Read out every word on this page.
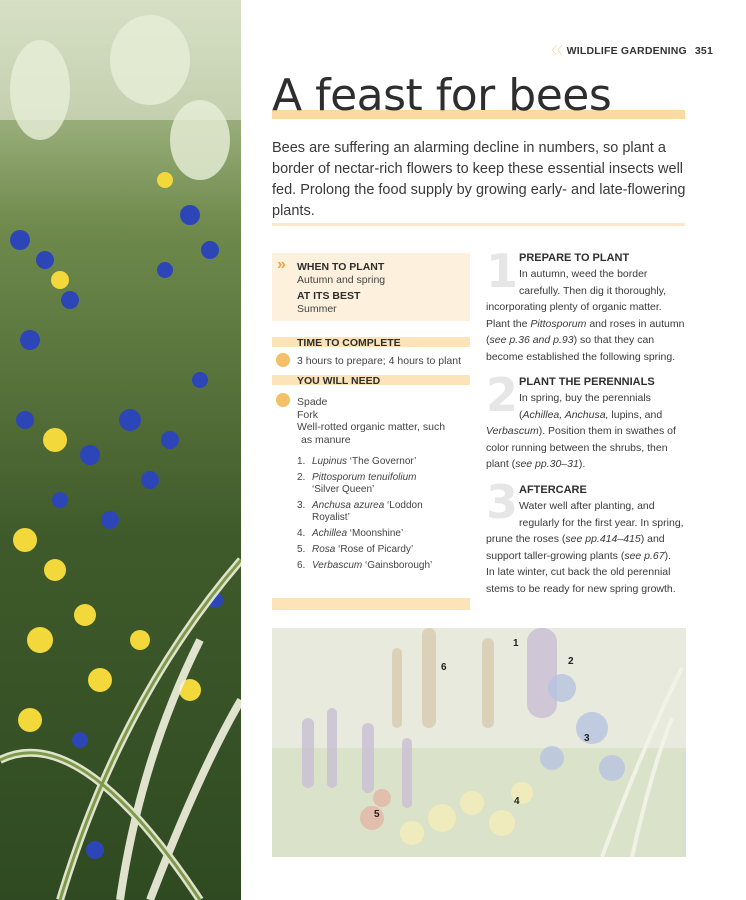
〈〈 WILDLIFE GARDENING 351
A feast for bees
Bees are suffering an alarming decline in numbers, so plant a border of nectar-rich flowers to keep these essential insects well fed. Prolong the food supply by growing early- and late-flowering plants.
» WHEN TO PLANT
Autumn and spring
AT ITS BEST
Summer
TIME TO COMPLETE
3 hours to prepare; 4 hours to plant
YOU WILL NEED
Spade
Fork
Well-rotted organic matter, such
as manure
1. Lupinus ‘The Governor’
2. Pittosporum tenuifolium ‘Silver Queen’
3. Anchusa azurea ‘Loddon Royalist’
4. Achillea ‘Moonshine’
5. Rosa ‘Rose of Picardy’
6. Verbascum ‘Gainsborough’
1 PREPARE TO PLANT
In autumn, weed the border
carefully. Then dig it thoroughly,
incorporating plenty of organic matter.
Plant the Pittosporum and roses in autumn
(see p.36 and p.93) so that they can
become established the following spring.
2 PLANT THE PERENNIALS
In spring, buy the perennials
(Achillea, Anchusa, lupins, and
Verbascum). Position them in swathes of
color running between the shrubs, then
plant (see pp.30–31).
3 AFTERCARE
Water well after planting, and
regularly for the first year. In spring,
prune the roses (see pp.414–415) and
support taller-growing plants (see p.67).
In late winter, cut back the old perennial
stems to be ready for new spring growth.
1
2
3
4
5
6
